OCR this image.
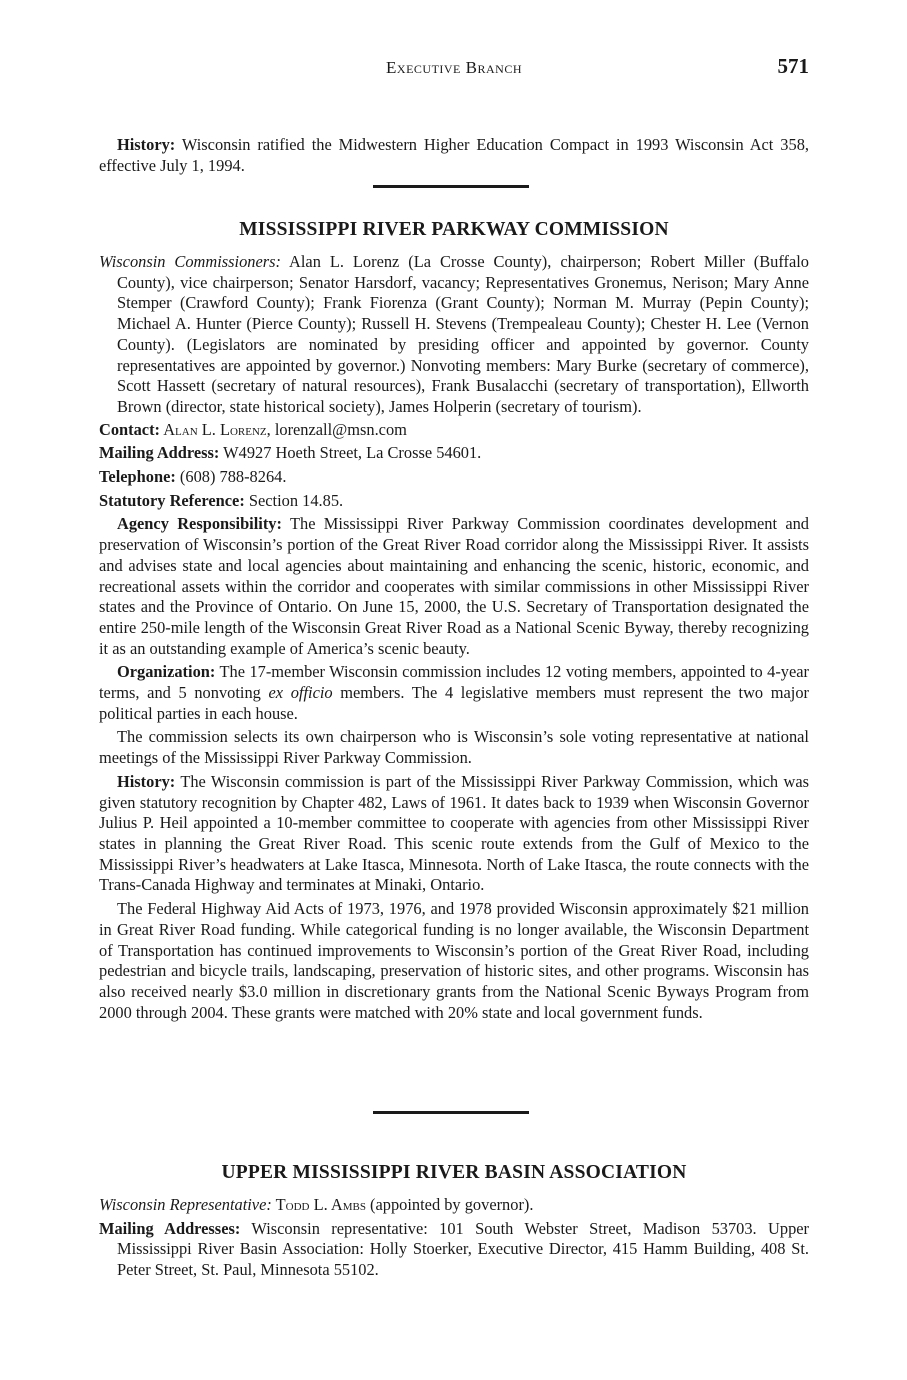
Executive Branch	571

History: Wisconsin ratified the Midwestern Higher Education Compact in 1993 Wisconsin Act 358, effective July 1, 1994.

MISSISSIPPI RIVER PARKWAY COMMISSION

Wisconsin Commissioners: Alan L. Lorenz (La Crosse County), chairperson; Robert Miller (Buffalo County), vice chairperson; Senator Harsdorf, vacancy; Representatives Gronemus, Nerison; Mary Anne Stemper (Crawford County); Frank Fiorenza (Grant County); Norman M. Murray (Pepin County); Michael A. Hunter (Pierce County); Russell H. Stevens (Trempealeau County); Chester H. Lee (Vernon County). (Legislators are nominated by presiding officer and appointed by governor. County representatives are appointed by governor.) Nonvoting members: Mary Burke (secretary of commerce), Scott Hassett (secretary of natural resources), Frank Busalacchi (secretary of transportation), Ellworth Brown (director, state historical society), James Holperin (secretary of tourism).

Contact: Alan L. Lorenz, lorenzall@msn.com

Mailing Address: W4927 Hoeth Street, La Crosse 54601.

Telephone: (608) 788-8264.

Statutory Reference: Section 14.85.

Agency Responsibility: The Mississippi River Parkway Commission coordinates development and preservation of Wisconsin’s portion of the Great River Road corridor along the Mississippi River. It assists and advises state and local agencies about maintaining and enhancing the scenic, historic, economic, and recreational assets within the corridor and cooperates with similar commissions in other Mississippi River states and the Province of Ontario. On June 15, 2000, the U.S. Secretary of Transportation designated the entire 250-mile length of the Wisconsin Great River Road as a National Scenic Byway, thereby recognizing it as an outstanding example of America’s scenic beauty.

Organization: The 17-member Wisconsin commission includes 12 voting members, appointed to 4-year terms, and 5 nonvoting ex officio members. The 4 legislative members must represent the two major political parties in each house.

The commission selects its own chairperson who is Wisconsin’s sole voting representative at national meetings of the Mississippi River Parkway Commission.

History: The Wisconsin commission is part of the Mississippi River Parkway Commission, which was given statutory recognition by Chapter 482, Laws of 1961. It dates back to 1939 when Wisconsin Governor Julius P. Heil appointed a 10-member committee to cooperate with agencies from other Mississippi River states in planning the Great River Road. This scenic route extends from the Gulf of Mexico to the Mississippi River’s headwaters at Lake Itasca, Minnesota. North of Lake Itasca, the route connects with the Trans-Canada Highway and terminates at Minaki, Ontario.

The Federal Highway Aid Acts of 1973, 1976, and 1978 provided Wisconsin approximately $21 million in Great River Road funding. While categorical funding is no longer available, the Wisconsin Department of Transportation has continued improvements to Wisconsin’s portion of the Great River Road, including pedestrian and bicycle trails, landscaping, preservation of historic sites, and other programs. Wisconsin has also received nearly $3.0 million in discretionary grants from the National Scenic Byways Program from 2000 through 2004. These grants were matched with 20% state and local government funds.

UPPER MISSISSIPPI RIVER BASIN ASSOCIATION

Wisconsin Representative: Todd L. Ambs (appointed by governor).

Mailing Addresses: Wisconsin representative: 101 South Webster Street, Madison 53703. Upper Mississippi River Basin Association: Holly Stoerker, Executive Director, 415 Hamm Building, 408 St. Peter Street, St. Paul, Minnesota 55102.
